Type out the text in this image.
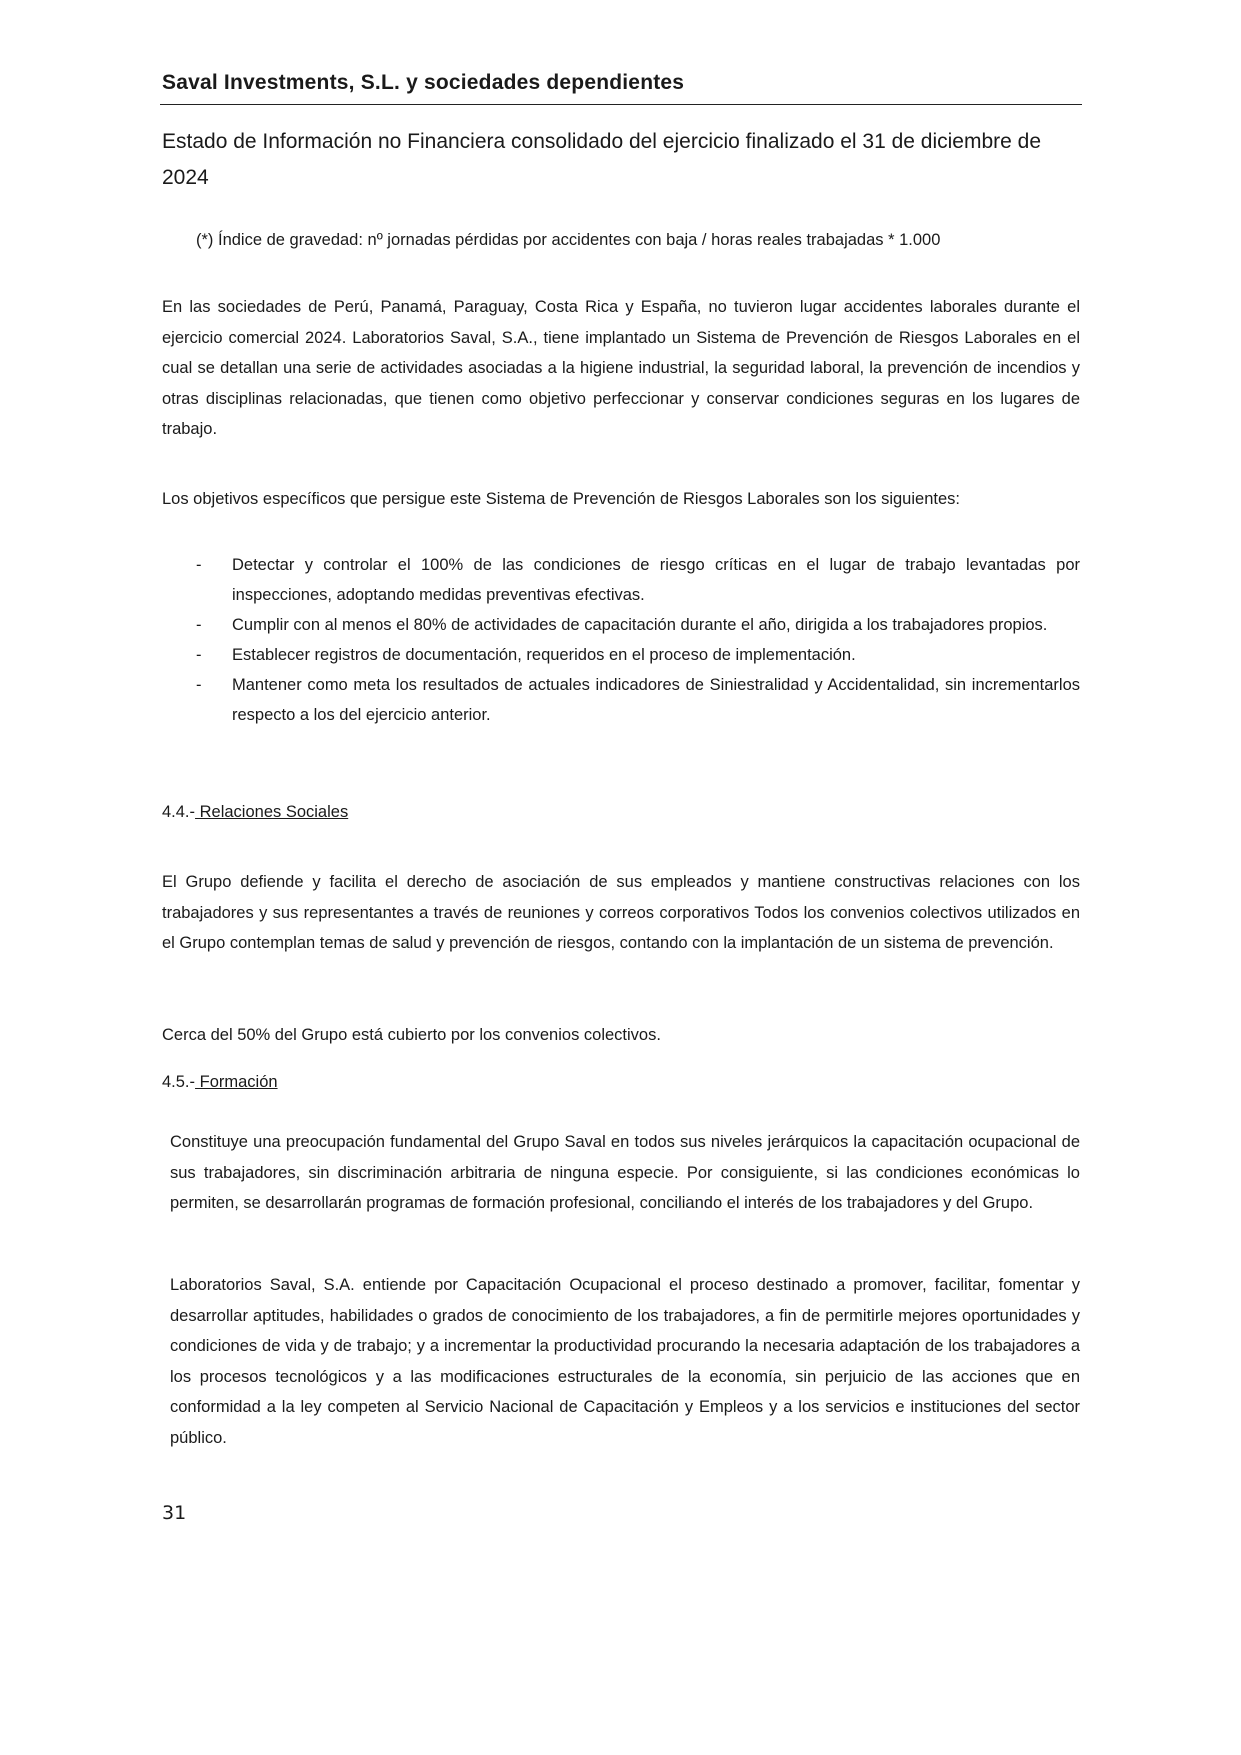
Saval Investments, S.L. y sociedades dependientes
Estado de Información no Financiera consolidado del ejercicio finalizado el 31 de diciembre de 2024

(*) Índice de gravedad: nº jornadas pérdidas por accidentes con baja / horas reales trabajadas * 1.000

En las sociedades de Perú, Panamá, Paraguay, Costa Rica y España, no tuvieron lugar accidentes laborales durante el ejercicio comercial 2024. Laboratorios Saval, S.A., tiene implantado un Sistema de Prevención de Riesgos Laborales en el cual se detallan una serie de actividades asociadas a la higiene industrial, la seguridad laboral, la prevención de incendios y otras disciplinas relacionadas, que tienen como objetivo perfeccionar y conservar condiciones seguras en los lugares de trabajo.

Los objetivos específicos que persigue este Sistema de Prevención de Riesgos Laborales son los siguientes:

-	Detectar y controlar el 100% de las condiciones de riesgo críticas en el lugar de trabajo levantadas por inspecciones, adoptando medidas preventivas efectivas.
-	Cumplir con al menos el 80% de actividades de capacitación durante el año, dirigida a los trabajadores propios.
-	Establecer registros de documentación, requeridos en el proceso de implementación.
-	Mantener como meta los resultados de actuales indicadores de Siniestralidad y Accidentalidad, sin incrementarlos respecto a los del ejercicio anterior.
4.4.- Relaciones Sociales

El Grupo defiende y facilita el derecho de asociación de sus empleados y mantiene constructivas relaciones con los trabajadores y sus representantes a través de reuniones y correos corporativos Todos los convenios colectivos utilizados en el Grupo contemplan temas de salud y prevención de riesgos, contando con la implantación de un sistema de prevención.

Cerca del 50% del Grupo está cubierto por los convenios colectivos.

4.5.- Formación

Constituye una preocupación fundamental del Grupo Saval en todos sus niveles jerárquicos la capacitación ocupacional de sus trabajadores, sin discriminación arbitraria de ninguna especie. Por consiguiente, si las condiciones económicas lo permiten, se desarrollarán programas de formación profesional, conciliando el interés de los trabajadores y del Grupo.

Laboratorios Saval, S.A. entiende por Capacitación Ocupacional el proceso destinado a promover, facilitar, fomentar y desarrollar aptitudes, habilidades o grados de conocimiento de los trabajadores, a fin de permitirle mejores oportunidades y condiciones de vida y de trabajo; y a incrementar la productividad procurando la necesaria adaptación de los trabajadores a los procesos tecnológicos y a las modificaciones estructurales de la economía, sin perjuicio de las acciones que en conformidad a la ley competen al Servicio Nacional de Capacitación y Empleos y a los servicios e instituciones del sector público.

31
